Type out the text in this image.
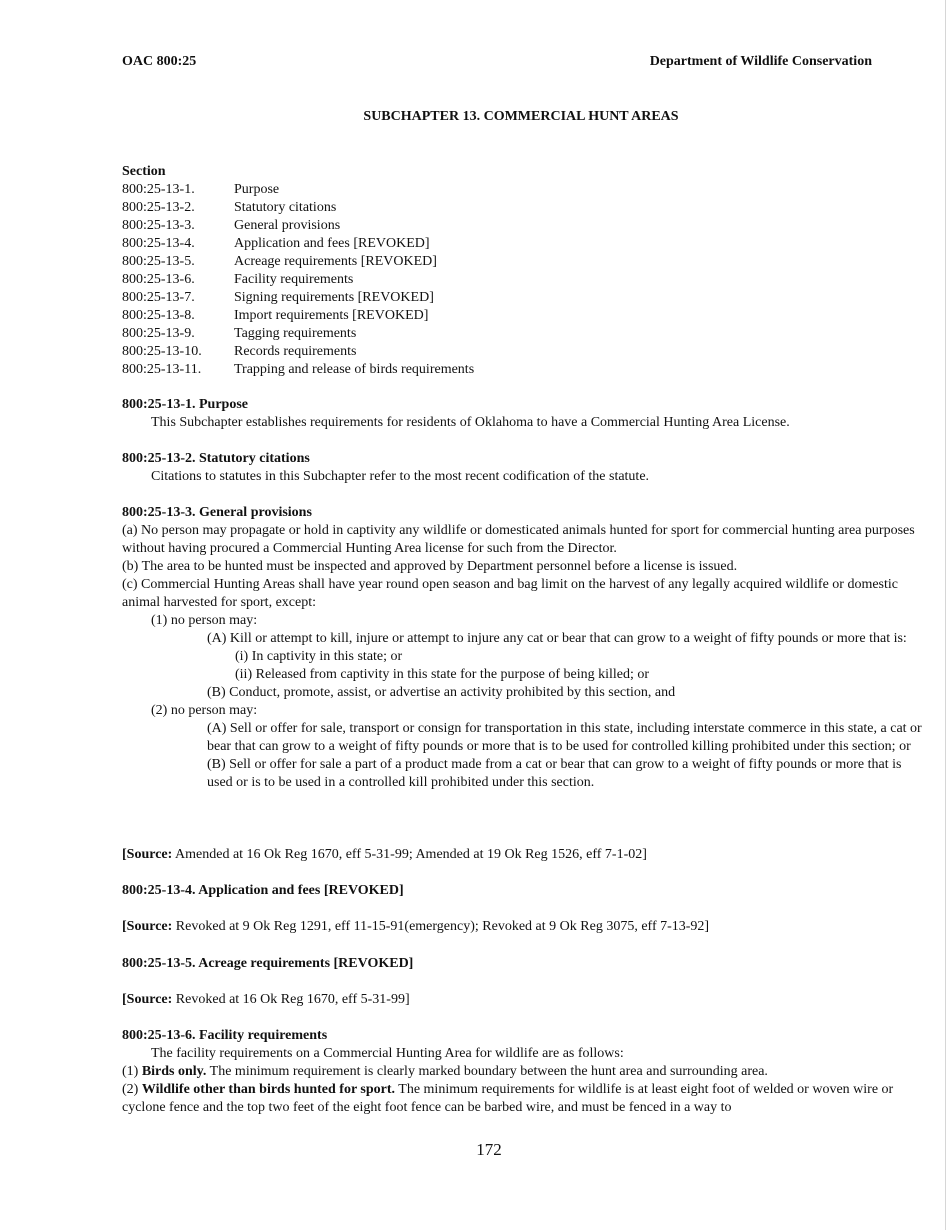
OAC 800:25	Department of Wildlife Conservation
SUBCHAPTER 13. COMMERCIAL HUNT AREAS
Section
800:25-13-1.	Purpose
800:25-13-2.	Statutory citations
800:25-13-3.	General provisions
800:25-13-4.	Application and fees [REVOKED]
800:25-13-5.	Acreage requirements [REVOKED]
800:25-13-6.	Facility requirements
800:25-13-7.	Signing requirements [REVOKED]
800:25-13-8.	Import requirements [REVOKED]
800:25-13-9.	Tagging requirements
800:25-13-10.	Records requirements
800:25-13-11.	Trapping and release of birds requirements
800:25-13-1. Purpose
This Subchapter establishes requirements for residents of Oklahoma to have a Commercial Hunting Area License.
800:25-13-2. Statutory citations
Citations to statutes in this Subchapter refer to the most recent codification of the statute.
800:25-13-3. General provisions
(a) No person may propagate or hold in captivity any wildlife or domesticated animals hunted for sport for commercial hunting area purposes without having procured a Commercial Hunting Area license for such from the Director.
(b) The area to be hunted must be inspected and approved by Department personnel before a license is issued.
(c) Commercial Hunting Areas shall have year round open season and bag limit on the harvest of any legally acquired wildlife or domestic animal harvested for sport, except:
(1) no person may:
(A) Kill or attempt to kill, injure or attempt to injure any cat or bear that can grow to a weight of fifty pounds or more that is:
(i) In captivity in this state; or
(ii) Released from captivity in this state for the purpose of being killed; or
(B) Conduct, promote, assist, or advertise an activity prohibited by this section, and
(2) no person may:
(A) Sell or offer for sale, transport or consign for transportation in this state, including interstate commerce in this state, a cat or bear that can grow to a weight of fifty pounds or more that is to be used for controlled killing prohibited under this section; or
(B) Sell or offer for sale a part of a product made from a cat or bear that can grow to a weight of fifty pounds or more that is used or is to be used in a controlled kill prohibited under this section.
[Source: Amended at 16 Ok Reg 1670, eff 5-31-99; Amended at 19 Ok Reg 1526, eff 7-1-02]
800:25-13-4. Application and fees [REVOKED]
[Source: Revoked at 9 Ok Reg 1291, eff 11-15-91(emergency); Revoked at 9 Ok Reg 3075, eff 7-13-92]
800:25-13-5. Acreage requirements [REVOKED]
[Source: Revoked at 16 Ok Reg 1670, eff 5-31-99]
800:25-13-6. Facility requirements
The facility requirements on a Commercial Hunting Area for wildlife are as follows:
(1) Birds only. The minimum requirement is clearly marked boundary between the hunt area and surrounding area.
(2) Wildlife other than birds hunted for sport. The minimum requirements for wildlife is at least eight foot of welded or woven wire or cyclone fence and the top two feet of the eight foot fence can be barbed wire, and must be fenced in a way to
172
